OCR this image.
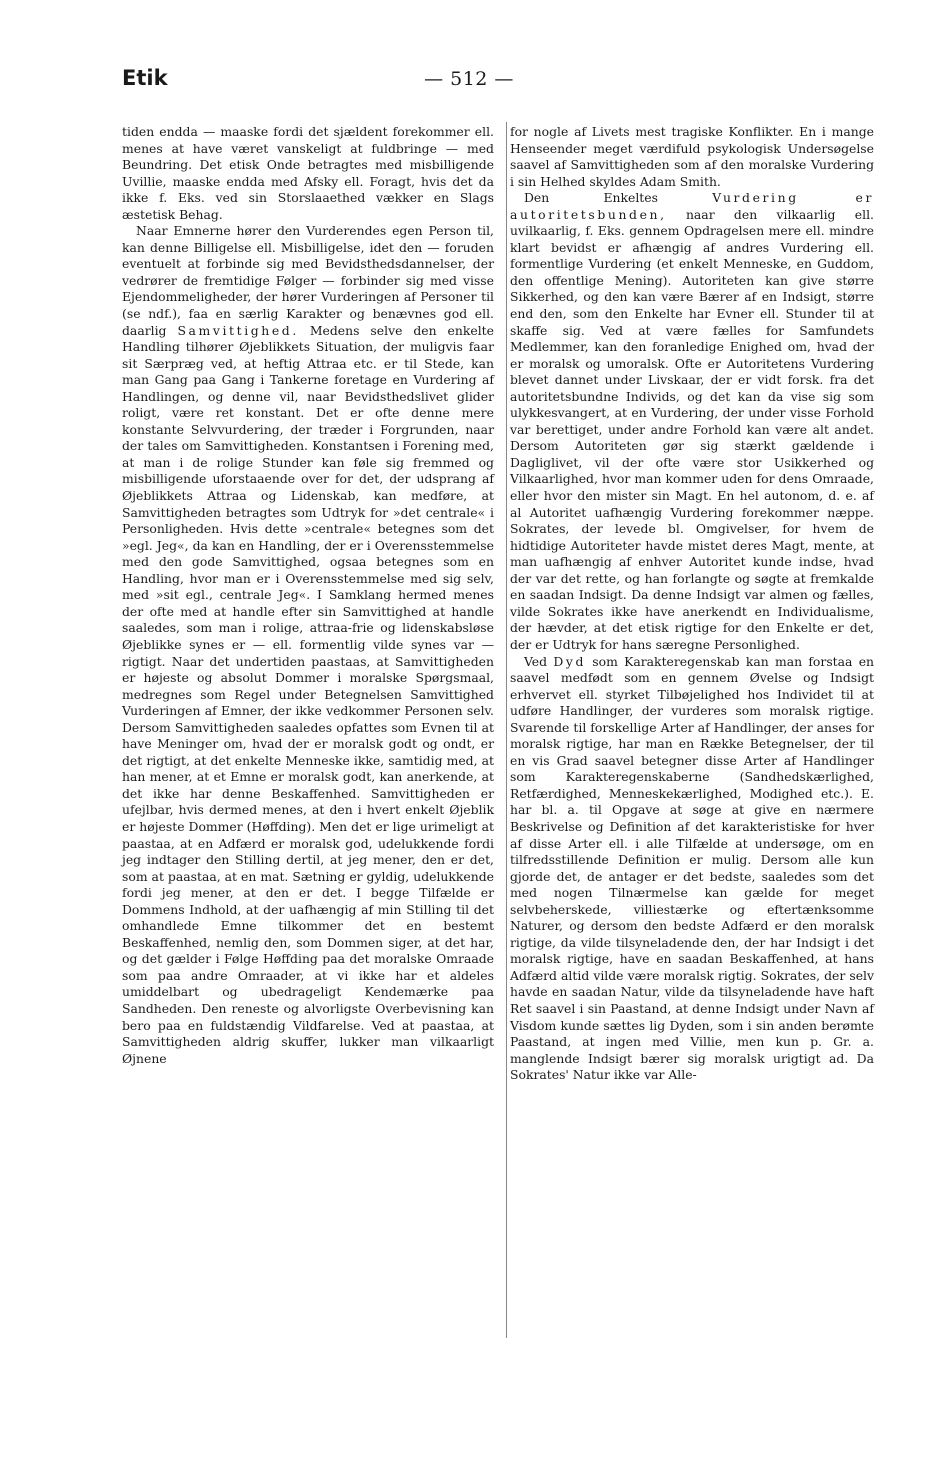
Etik	— 512 —

tiden endda — maaske fordi det sjældent forekommer ell. menes at have været vanskeligt at fuldbringe — med Beundring. Det etisk Onde betragtes med misbilligende Uvillie, maaske endda med Afsky ell. Foragt, hvis det da ikke f. Eks. ved sin Storslaaethed vækker en Slags æstetisk Behag.

Naar Emnerne hører den Vurderendes egen Person til, kan denne Billigelse ell. Misbilligelse, idet den — foruden eventuelt at forbinde sig med Bevidsthedsdannelser, der vedrører de fremtidige Følger — forbinder sig med visse Ejendommeligheder, der hører Vurderingen af Personer til (se ndf.), faa en særlig Karakter og benævnes god ell. daarlig Samvittighed. Medens selve den enkelte Handling tilhører Øjeblikkets Situation, der muligvis faar sit Særpræg ved, at heftig Attraa etc. er til Stede, kan man Gang paa Gang i Tankerne foretage en Vurdering af Handlingen, og denne vil, naar Bevidsthedslivet glider roligt, være ret konstant. Det er ofte denne mere konstante Selvvurdering, der træder i Forgrunden, naar der tales om Samvittigheden. Konstantsen i Forening med, at man i de rolige Stunder kan føle sig fremmed og misbilligende uforstaaende over for det, der udsprang af Øjeblikkets Attraa og Lidenskab, kan medføre, at Samvittigheden betragtes som Udtryk for »det centrale« i Personligheden. Hvis dette »centrale« betegnes som det »egl. Jeg«, da kan en Handling, der er i Overensstemmelse med den gode Samvittighed, ogsaa betegnes som en Handling, hvor man er i Overensstemmelse med sig selv, med »sit egl., centrale Jeg«. I Samklang hermed menes der ofte med at handle efter sin Samvittighed at handle saaledes, som man i rolige, attraa-frie og lidenskabsløse Øjeblikke synes er — ell. formentlig vilde synes var — rigtigt. Naar det undertiden paastaas, at Samvittigheden er højeste og absolut Dommer i moralske Spørgsmaal, medregnes som Regel under Betegnelsen Samvittighed Vurderingen af Emner, der ikke vedkommer Personen selv. Dersom Samvittigheden saaledes opfattes som Evnen til at have Meninger om, hvad der er moralsk godt og ondt, er det rigtigt, at det enkelte Menneske ikke, samtidig med, at han mener, at et Emne er moralsk godt, kan anerkende, at det ikke har denne Beskaffenhed. Samvittigheden er ufejlbar, hvis dermed menes, at den i hvert enkelt Øjeblik er højeste Dommer (Høffding). Men det er lige urimeligt at paastaa, at en Adfærd er moralsk god, udelukkende fordi jeg indtager den Stilling dertil, at jeg mener, den er det, som at paastaa, at en mat. Sætning er gyldig, udelukkende fordi jeg mener, at den er det. I begge Tilfælde er Dommens Indhold, at der uafhængig af min Stilling til det omhandlede Emne tilkommer det en bestemt Beskaffenhed, nemlig den, som Dommen siger, at det har, og det gælder i Følge Høffding paa det moralske Omraade som paa andre Omraader, at vi ikke har et aldeles umiddelbart og ubedrageligt Kendemærke paa Sandheden. Den reneste og alvorligste Overbevisning kan bero paa en fuldstændig Vildfarelse. Ved at paastaa, at Samvittigheden aldrig skuffer, lukker man vilkaarligt Øjnene

for nogle af Livets mest tragiske Konflikter. En i mange Henseender meget værdifuld psykologisk Undersøgelse saavel af Samvittigheden som af den moralske Vurdering i sin Helhed skyldes Adam Smith.

Den Enkeltes Vurdering er autoritetsbunden, naar den vilkaarlig ell. uvilkaarlig, f. Eks. gennem Opdragelsen mere ell. mindre klart bevidst er afhængig af andres Vurdering ell. formentlige Vurdering (et enkelt Menneske, en Guddom, den offentlige Mening). Autoriteten kan give større Sikkerhed, og den kan være Bærer af en Indsigt, større end den, som den Enkelte har Evner ell. Stunder til at skaffe sig. Ved at være fælles for Samfundets Medlemmer, kan den foranledige Enighed om, hvad der er moralsk og umoralsk. Ofte er Autoritetens Vurdering blevet dannet under Livskaar, der er vidt forsk. fra det autoritetsbundne Individs, og det kan da vise sig som ulykkesvangert, at en Vurdering, der under visse Forhold var berettiget, under andre Forhold kan være alt andet. Dersom Autoriteten gør sig stærkt gældende i Dagliglivet, vil der ofte være stor Usikkerhed og Vilkaarlighed, hvor man kommer uden for dens Omraade, eller hvor den mister sin Magt. En hel autonom, d. e. af al Autoritet uafhængig Vurdering forekommer næppe. Sokrates, der levede bl. Omgivelser, for hvem de hidtidige Autoriteter havde mistet deres Magt, mente, at man uafhængig af enhver Autoritet kunde indse, hvad der var det rette, og han forlangte og søgte at fremkalde en saadan Indsigt. Da denne Indsigt var almen og fælles, vilde Sokrates ikke have anerkendt en Individualisme, der hævder, at det etisk rigtige for den Enkelte er det, der er Udtryk for hans særegne Personlighed.

Ved Dyd som Karakteregenskab kan man forstaa en saavel medfødt som en gennem Øvelse og Indsigt erhvervet ell. styrket Tilbøjelighed hos Individet til at udføre Handlinger, der vurderes som moralsk rigtige. Svarende til forskellige Arter af Handlinger, der anses for moralsk rigtige, har man en Række Betegnelser, der til en vis Grad saavel betegner disse Arter af Handlinger som Karakteregenskaberne (Sandhedskærlighed, Retfærdighed, Menneskekærlighed, Modighed etc.). E. har bl. a. til Opgave at søge at give en nærmere Beskrivelse og Definition af det karakteristiske for hver af disse Arter ell. i alle Tilfælde at undersøge, om en tilfredsstillende Definition er mulig. Dersom alle kun gjorde det, de antager er det bedste, saaledes som det med nogen Tilnærmelse kan gælde for meget selvbeherskede, villiestærke og eftertænksomme Naturer, og dersom den bedste Adfærd er den moralsk rigtige, da vilde tilsyneladende den, der har Indsigt i det moralsk rigtige, have en saadan Beskaffenhed, at hans Adfærd altid vilde være moralsk rigtig. Sokrates, der selv havde en saadan Natur, vilde da tilsyneladende have haft Ret saavel i sin Paastand, at denne Indsigt under Navn af Visdom kunde sættes lig Dyden, som i sin anden berømte Paastand, at ingen med Villie, men kun p. Gr. a. manglende Indsigt bærer sig moralsk urigtigt ad. Da Sokrates' Natur ikke var Alle-
